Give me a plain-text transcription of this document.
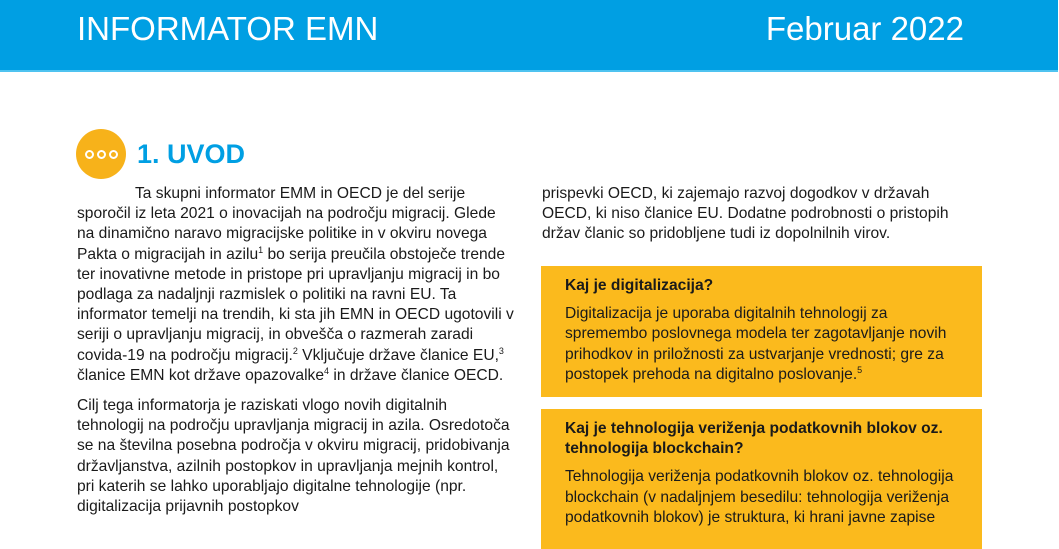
INFORMATOR EMN	Februar 2022
1. UVOD

Ta skupni informator EMM in OECD je del serije sporočil iz leta 2021 o inovacijah na področju migracij. Glede na dinamično naravo migracijske politike in v okviru novega Pakta o migracijah in azilu$^1$ bo serija preučila obstoječe trende ter inovativne metode in pristope pri upravljanju migracij in bo podlaga za nadaljnji razmislek o politiki na ravni EU. Ta informator temelji na trendih, ki sta jih EMN in OECD ugotovili v seriji o upravljanju migracij, in obvešča o razmerah zaradi covida-19 na področju migracij.$^2$ Vključuje države članice EU,$^3$ članice EMN kot države opazovalke$^4$ in države članice OECD.

Cilj tega informatorja je raziskati vlogo novih digitalnih tehnologij na področju upravljanja migracij in azila. Osredotoča se na številna posebna področja v okviru migracij, pridobivanja državljanstva, azilnih postopkov in upravljanja mejnih kontrol, pri katerih se lahko uporabljajo digitalne tehnologije (npr. digitalizacija prijavnih postopkov

prispevki OECD, ki zajemajo razvoj dogodkov v državah OECD, ki niso članice EU. Dodatne podrobnosti o pristopih držav članic so pridobljene tudi iz dopolnilnih virov.

Kaj je digitalizacija?
Digitalizacija je uporaba digitalnih tehnologij za spremembo poslovnega modela ter zagotavljanje novih prihodkov in priložnosti za ustvarjanje vrednosti; gre za postopek prehoda na digitalno poslovanje.$^5$
Kaj je tehnologija veriženja podatkovnih blokov oz. tehnologija blockchain?
Tehnologija veriženja podatkovnih blokov oz. tehnologija blockchain (v nadaljnjem besedilu: tehnologija veriženja podatkovnih blokov) je struktura, ki hrani javne zapise
